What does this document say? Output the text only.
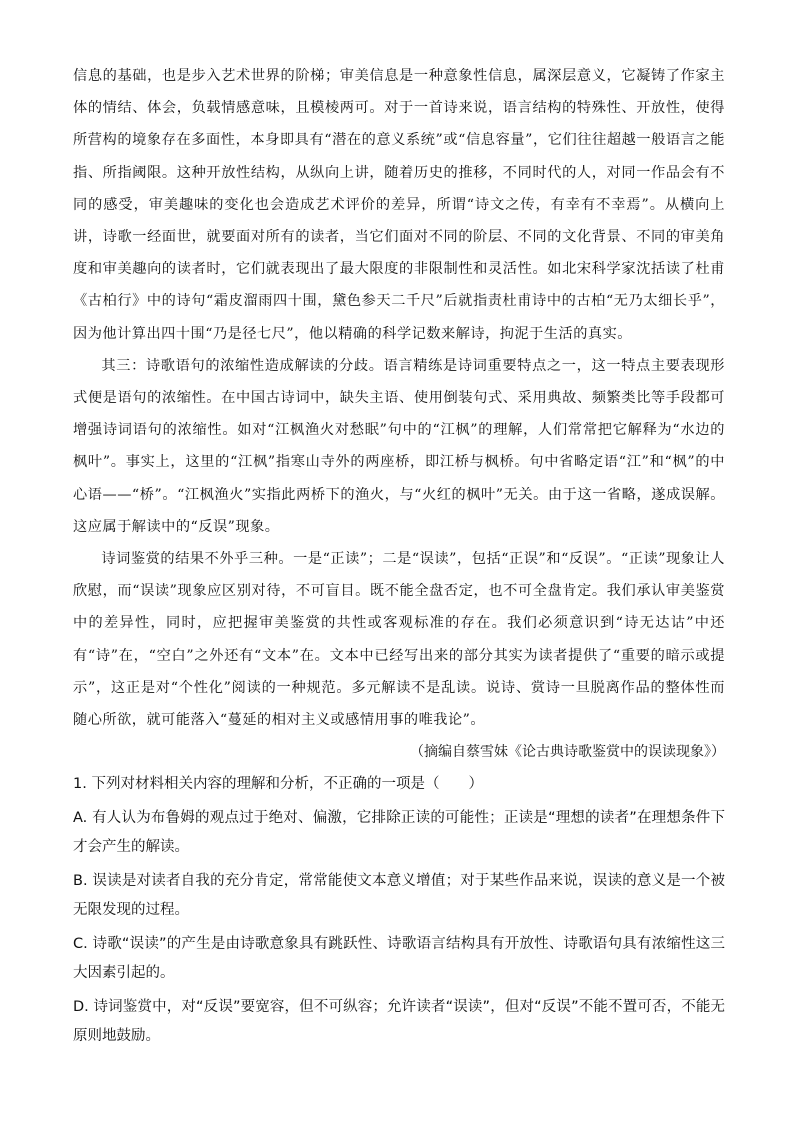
信息的基础，也是步入艺术世界的阶梯；审美信息是一种意象性信息，属深层意义，它凝铸了作家主体的情结、体会，负载情感意味，且模棱两可。对于一首诗来说，语言结构的特殊性、开放性，使得所营构的境象存在多面性，本身即具有“潜在的意义系统”或“信息容量”，它们往往超越一般语言之能指、所指阈限。这种开放性结构，从纵向上讲，随着历史的推移，不同时代的人，对同一作品会有不同的感受，审美趣味的变化也会造成艺术评价的差异，所谓“诗文之传，有幸有不幸焉”。从横向上讲，诗歌一经面世，就要面对所有的读者，当它们面对不同的阶层、不同的文化背景、不同的审美角度和审美趣向的读者时，它们就表现出了最大限度的非限制性和灵活性。如北宋科学家沈括读了杜甫《古柏行》中的诗句“霜皮溜雨四十围，黛色参天二千尺”后就指责杜甫诗中的古柏“无乃太细长乎”，因为他计算出四十围“乃是径七尺”，他以精确的科学记数来解诗，拘泥于生活的真实。

其三：诗歌语句的浓缩性造成解读的分歧。语言精练是诗词重要特点之一，这一特点主要表现形式便是语句的浓缩性。在中国古诗词中，缺失主语、使用倒装句式、采用典故、频繁类比等手段都可增强诗词语句的浓缩性。如对“江枫渔火对愁眠”句中的“江枫”的理解，人们常常把它解释为“水边的枫叶”。事实上，这里的“江枫”指寒山寺外的两座桥，即江桥与枫桥。句中省略定语“江”和“枫”的中心语——“桥”。“江枫渔火”实指此两桥下的渔火，与“火红的枫叶”无关。由于这一省略，遂成误解。这应属于解读中的“反误”现象。

诗词鉴赏的结果不外乎三种。一是“正读”；二是“误读”，包括“正误”和“反误”。“正读”现象让人欣慰，而“误读”现象应区别对待，不可盲目。既不能全盘否定，也不可全盘肯定。我们承认审美鉴赏中的差异性，同时，应把握审美鉴赏的共性或客观标准的存在。我们必须意识到“诗无达诂”中还有“诗”在，“空白”之外还有“文本”在。文本中已经写出来的部分其实为读者提供了“重要的暗示或提示”，这正是对“个性化”阅读的一种规范。多元解读不是乱读。说诗、赏诗一旦脱离作品的整体性而随心所欲，就可能落入“蔓延的相对主义或感情用事的唯我论”。

（摘编自蔡雪妹《论古典诗歌鉴赏中的误读现象》）

1. 下列对材料相关内容的理解和分析，不正确的一项是（　　）

A. 有人认为布鲁姆的观点过于绝对、偏激，它排除正读的可能性；正读是“理想的读者”在理想条件下才会产生的解读。

B. 误读是对读者自我的充分肯定，常常能使文本意义增值；对于某些作品来说，误读的意义是一个被无限发现的过程。

C. 诗歌“误读”的产生是由诗歌意象具有跳跃性、诗歌语言结构具有开放性、诗歌语句具有浓缩性这三大因素引起的。

D. 诗词鉴赏中，对“反误”要宽容，但不可纵容；允许读者“误读”，但对“反误”不能不置可否，不能无原则地鼓励。
